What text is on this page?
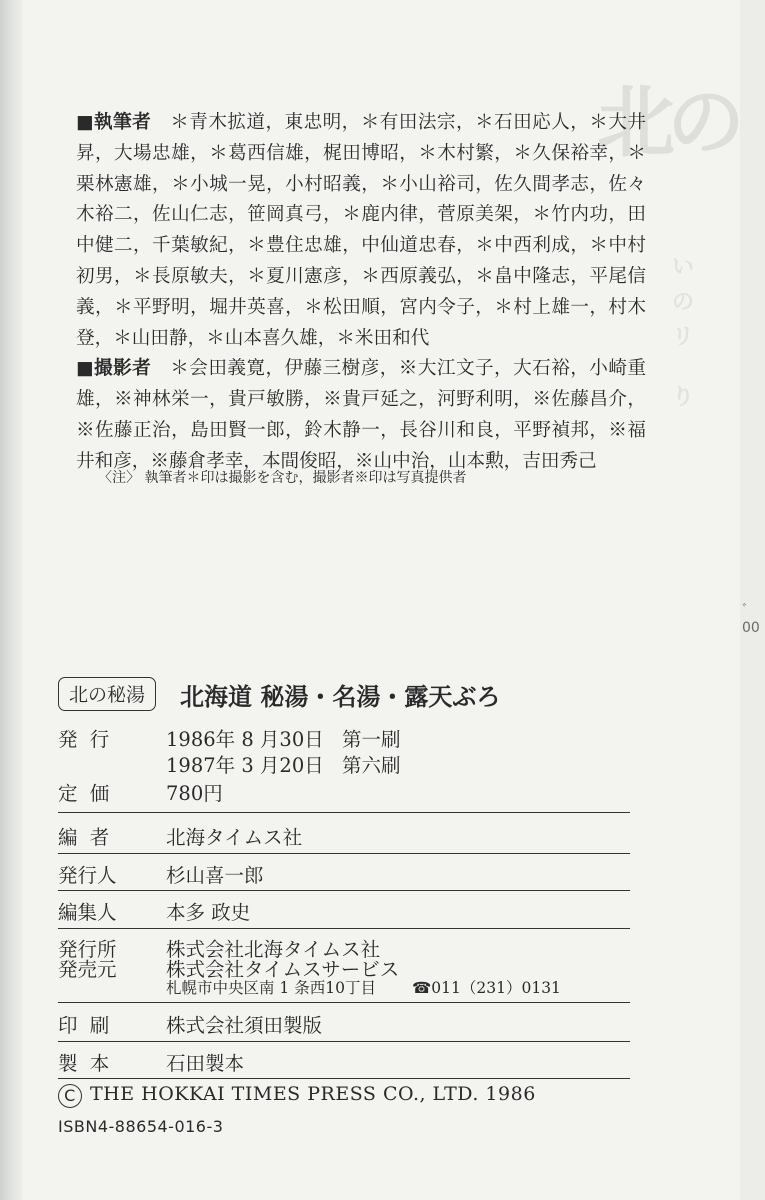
北の
い
の
リ
り

■執筆者　 ＊青木拡道，東忠明，＊有田法宗，＊石田応人，＊大井昇，大場忠雄，＊葛西信雄，梶田博昭，＊木村繁，＊久保裕幸，＊栗林憲雄，＊小城一晃，小村昭義，＊小山裕司，佐久間孝志，佐々木裕二，佐山仁志，笹岡真弓，＊鹿内律，菅原美架，＊竹内功，田中健二，千葉敏紀，＊豊住忠雄，中仙道忠春，＊中西利成，＊中村初男，＊長原敏夫，＊夏川憲彦，＊西原義弘，＊畠中隆志，平尾信義，＊平野明，堀井英喜，＊松田順，宮内令子，＊村上雄一，村木登，＊山田静，＊山本喜久雄，＊米田和代

■撮影者　 ＊会田義寛，伊藤三樹彦，※大江文子，大石裕，小崎重雄，※神林栄一，貴戸敏勝，※貴戸延之，河野利明，※佐藤昌介，※佐藤正治，島田賢一郎，鈴木静一，長谷川和良，平野禎邦，※福井和彦，※藤倉孝幸，本間俊昭，※山中治，山本勲，吉田秀己

〈注〉 執筆者＊印は撮影を含む，撮影者※印は写真提供者
ﾞ00
北の秘湯	北海道 秘湯・名湯・露天ぶろ
発 行	1986年 8 月30日 第一刷
1987年 3 月20日 第六刷
定 価	780円
編 者	北海タイムス社
発行人	杉山喜一郎
編集人	本多 政史
発行所	株式会社北海タイムス社
発売元	株式会社タイムスサービス
札幌市中央区南 1 条西10丁目 ☎011（231）0131
印 刷	株式会社須田製版
製 本	石田製本
C THE HOKKAI TIMES PRESS CO., LTD. 1986
ISBN4-88654-016-3
